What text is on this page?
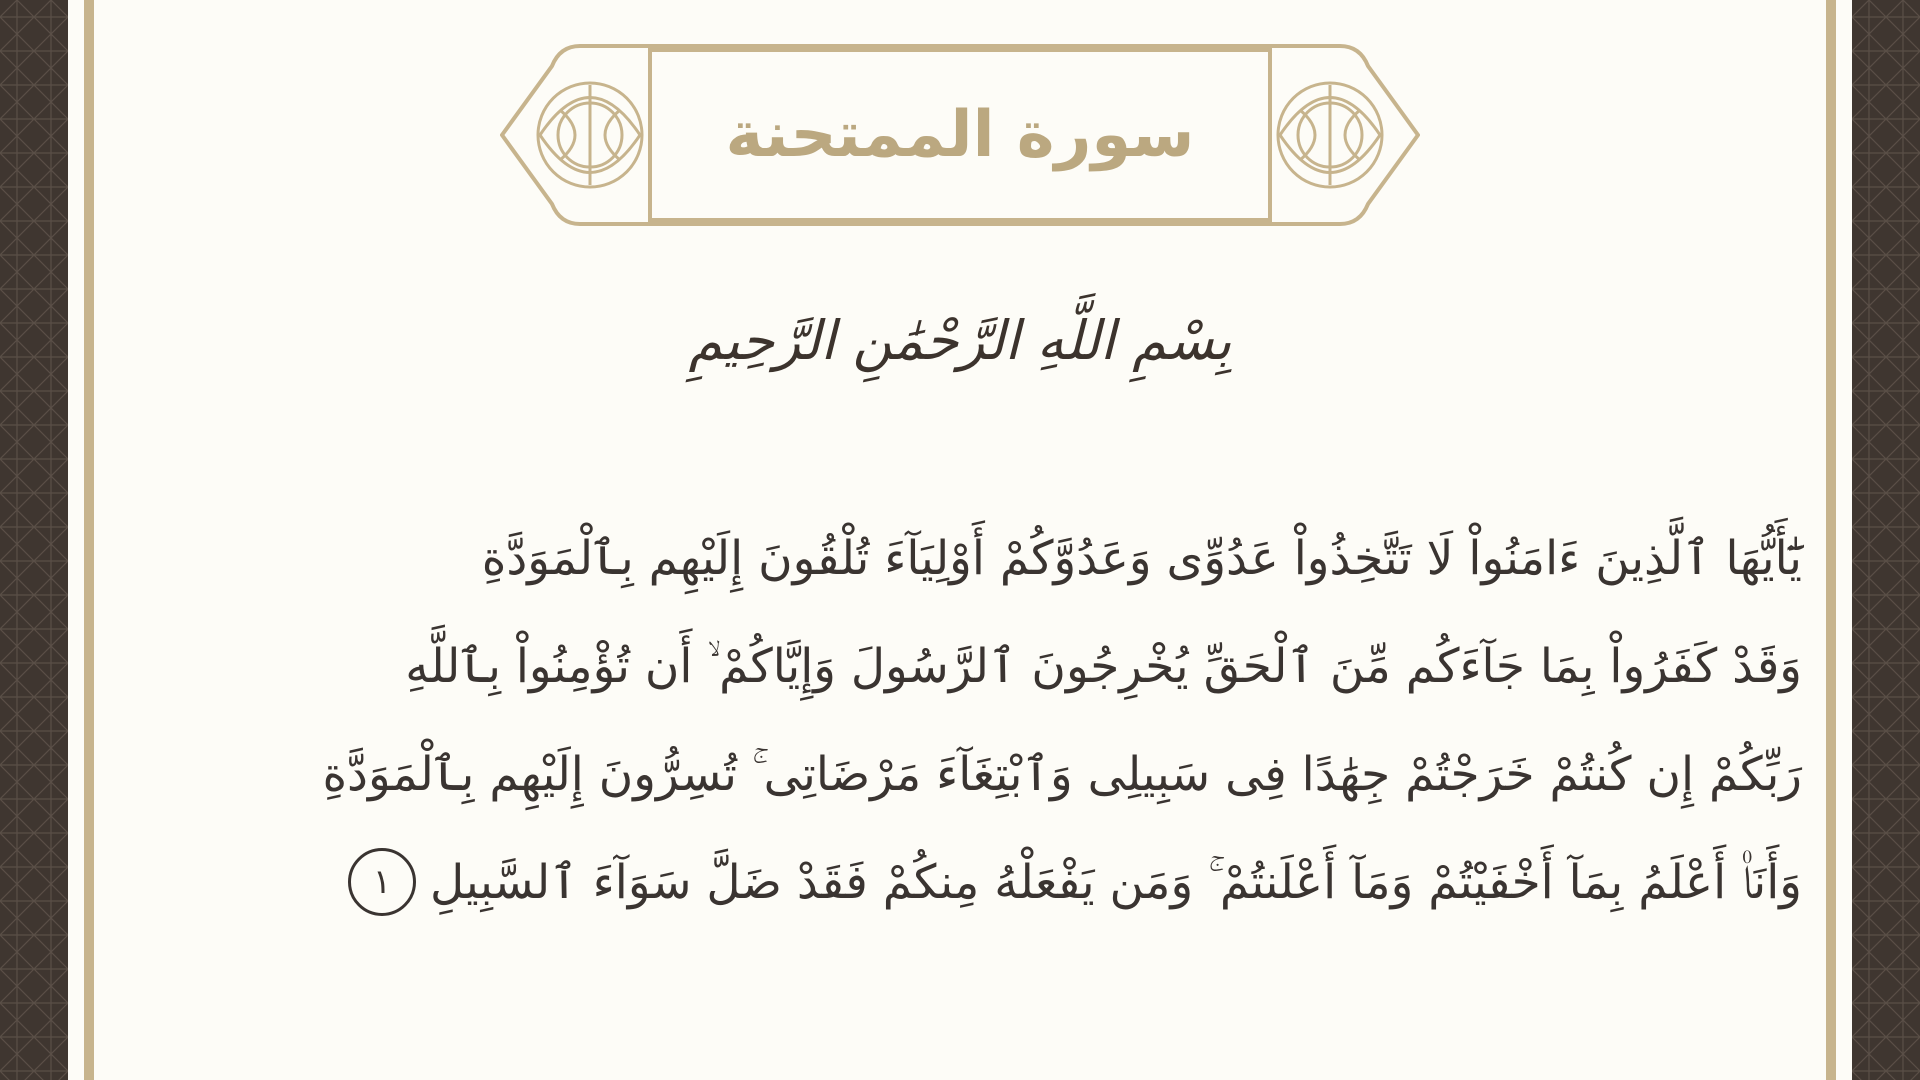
سورة الممتحنة
بِسْمِ اللَّهِ الرَّحْمَٰنِ الرَّحِيمِ
يَٰٓأَيُّهَا ٱلَّذِينَ ءَامَنُواْ لَا تَتَّخِذُواْ عَدُوِّى وَعَدُوَّكُمْ أَوْلِيَآءَ تُلْقُونَ إِلَيْهِم بِٱلْمَوَدَّةِ
وَقَدْ كَفَرُواْ بِمَا جَآءَكُم مِّنَ ٱلْحَقِّ يُخْرِجُونَ ٱلرَّسُولَ وَإِيَّاكُمْ ۙ أَن تُؤْمِنُواْ بِٱللَّهِ
رَبِّكُمْ إِن كُنتُمْ خَرَجْتُمْ جِهَٰدًا فِى سَبِيلِى وَٱبْتِغَآءَ مَرْضَاتِى ۚ تُسِرُّونَ إِلَيْهِم بِٱلْمَوَدَّةِ
وَأَنَا۠ أَعْلَمُ بِمَآ أَخْفَيْتُمْ وَمَآ أَعْلَنتُمْ ۚ وَمَن يَفْعَلْهُ مِنكُمْ فَقَدْ ضَلَّ سَوَآءَ ٱلسَّبِيلِ١
